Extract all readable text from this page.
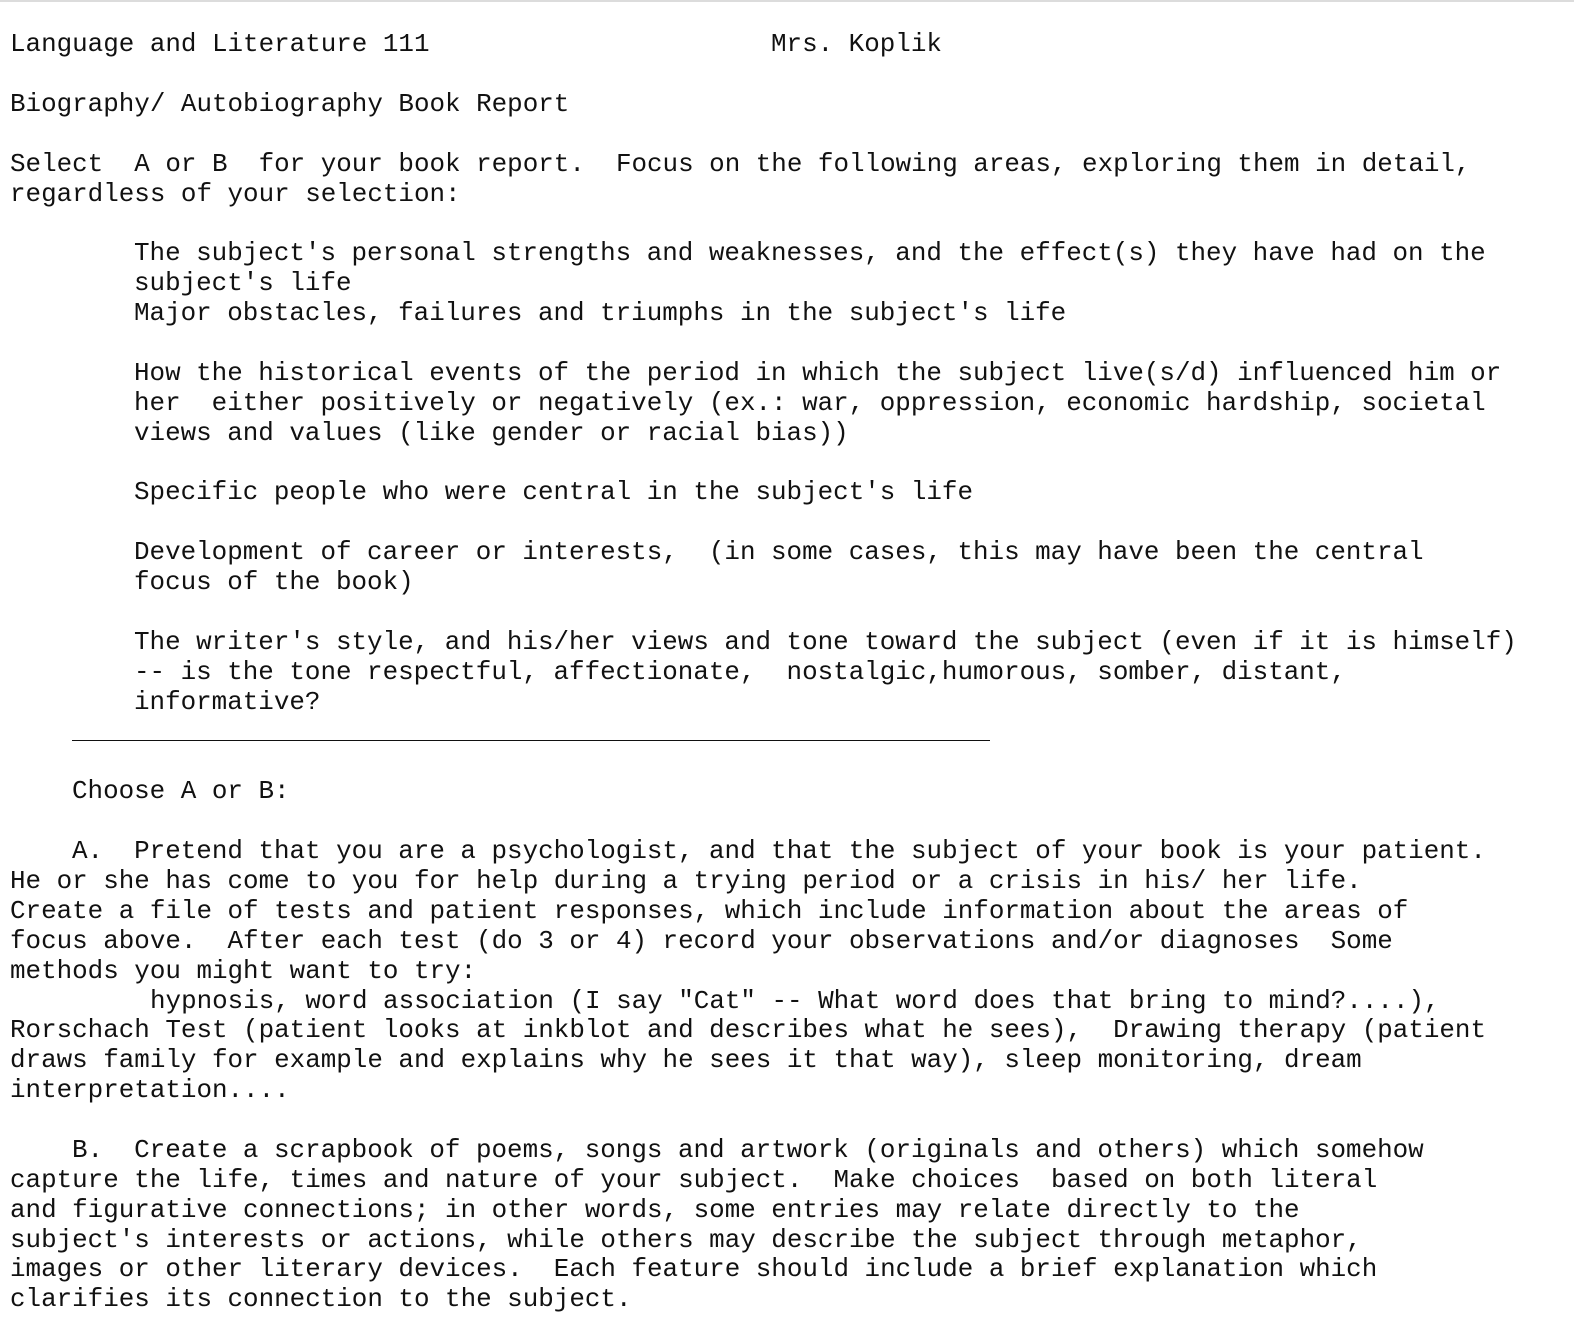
Language and Literature 111	Mrs. Koplik

Biography/ Autobiography Book Report

Select  A or B  for your book report.  Focus on the following areas, exploring them in detail,

regardless of your selection:

The subject's personal strengths and weaknesses, and the effect(s) they have had on the

subject's life

Major obstacles, failures and triumphs in the subject's life

How the historical events of the period in which the subject live(s/d) influenced him or

her  either positively or negatively (ex.: war, oppression, economic hardship, societal

views and values (like gender or racial bias))

Specific people who were central in the subject's life

Development of career or interests,  (in some cases, this may have been the central

focus of the book)

The writer's style, and his/her views and tone toward the subject (even if it is himself)

-- is the tone respectful, affectionate,  nostalgic,humorous, somber, distant,

informative?

Choose A or B:

A.  Pretend that you are a psychologist, and that the subject of your book is your patient.

He or she has come to you for help during a trying period or a crisis in his/ her life.

Create a file of tests and patient responses, which include information about the areas of

focus above.  After each test (do 3 or 4) record your observations and/or diagnoses  Some

methods you might want to try:

hypnosis, word association (I say "Cat" -- What word does that bring to mind?....),

Rorschach Test (patient looks at inkblot and describes what he sees),  Drawing therapy (patient

draws family for example and explains why he sees it that way), sleep monitoring, dream

interpretation....

B.  Create a scrapbook of poems, songs and artwork (originals and others) which somehow

capture the life, times and nature of your subject.  Make choices  based on both literal

and figurative connections; in other words, some entries may relate directly to the

subject's interests or actions, while others may describe the subject through metaphor,

images or other literary devices.  Each feature should include a brief explanation which

clarifies its connection to the subject.
